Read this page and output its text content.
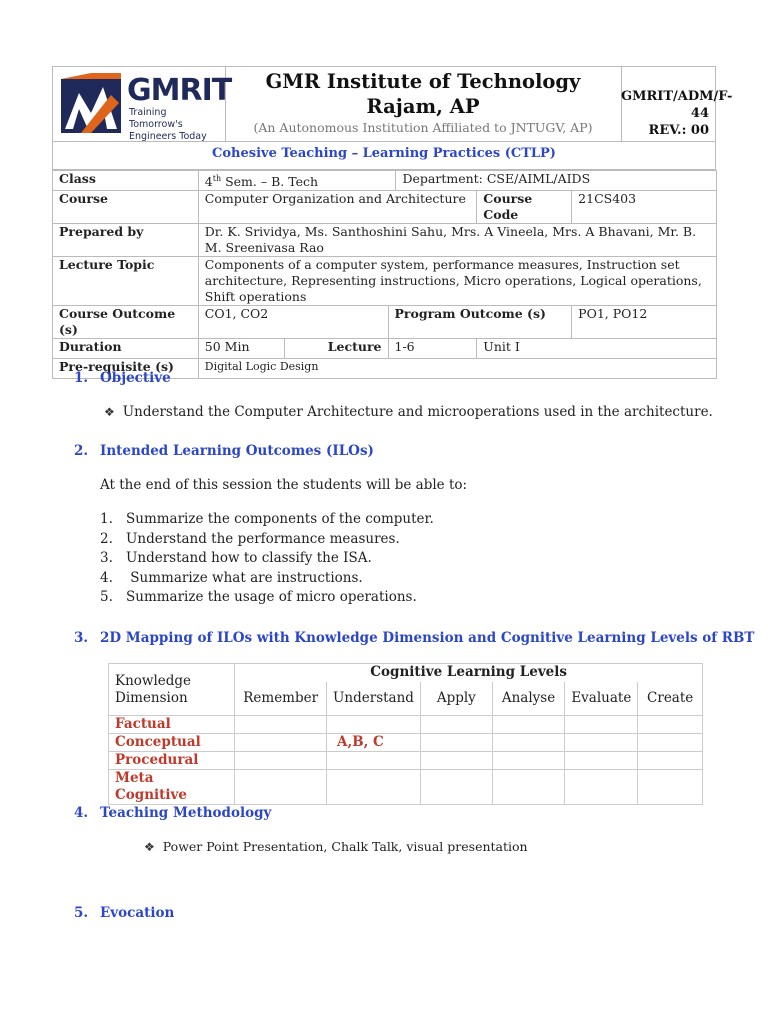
GMRIT
Training Tomorrow's
Engineers Today
GMR Institute of Technology
Rajam, AP
(An Autonomous Institution Affiliated to JNTUGV, AP)
GMRIT/ADM/F-44
REV.: 00
Cohesive Teaching – Learning Practices (CTLP)
Class	4th Sem. – B. Tech			Department: CSE/AIML/AIDS		
Course	Computer Organization and Architecture				Course Code	21CS403
Prepared by	Dr. K. Srividya, Ms. Santhoshini Sahu, Mrs. A Vineela, Mrs. A Bhavani, Mr. B. M. Sreenivasa Rao					
Lecture Topic	Components of a computer system, performance measures, Instruction set architecture, Representing instructions, Micro operations, Logical operations, Shift operations					
Course Outcome (s)	CO1, CO2		Program Outcome (s)			PO1, PO12
Duration	50 Min	Lecture	1-6		Unit I	
Pre-requisite (s)	Digital Logic Design					
1. Objective
❖ Understand the Computer Architecture and microoperations used in the architecture.
2. Intended Learning Outcomes (ILOs)
At the end of this session the students will be able to:
1. Summarize the components of the computer.
2. Understand the performance measures.
3. Understand how to classify the ISA.
4. Summarize what are instructions.
5. Summarize the usage of micro operations.
3. 2D Mapping of ILOs with Knowledge Dimension and Cognitive Learning Levels of RBT
Knowledge Dimension	Cognitive Learning Levels					
	Remember	Understand	Apply	Analyse	Evaluate	Create
Factual						
Conceptual		A,B, C				
Procedural						
Meta Cognitive						
4. Teaching Methodology
❖ Power Point Presentation, Chalk Talk, visual presentation
5. Evocation
